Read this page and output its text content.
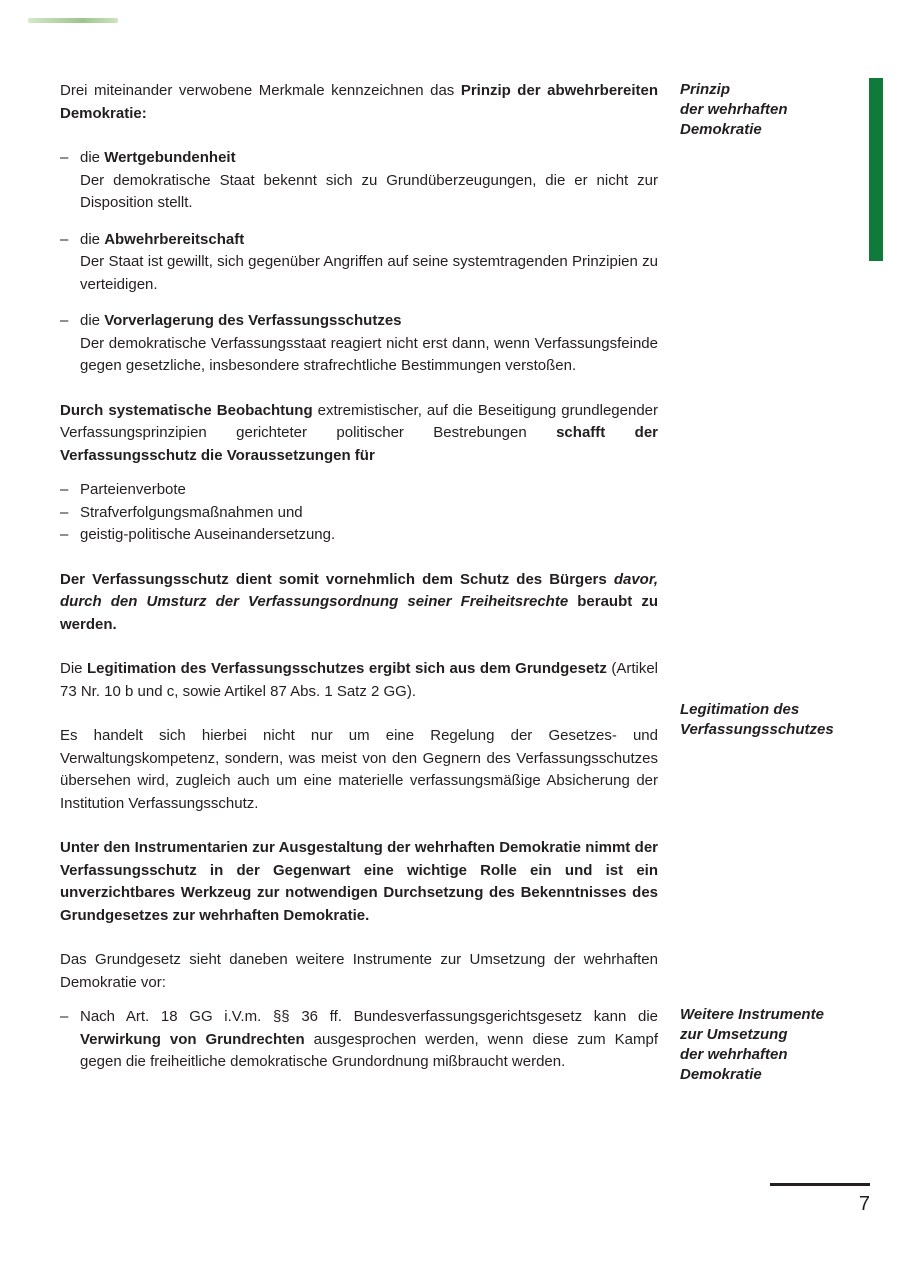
Drei miteinander verwobene Merkmale kennzeichnen das Prinzip der abwehrbereiten Demokratie:

– die Wertgebundenheit
Der demokratische Staat bekennt sich zu Grundüberzeugungen, die er nicht zur Disposition stellt.
– die Abwehrbereitschaft
Der Staat ist gewillt, sich gegenüber Angriffen auf seine systemtragenden Prinzipien zu verteidigen.
– die Vorverlagerung des Verfassungsschutzes
Der demokratische Verfassungsstaat reagiert nicht erst dann, wenn Verfassungsfeinde gegen gesetzliche, insbesondere strafrechtliche Bestimmungen verstoßen.

Durch systematische Beobachtung extremistischer, auf die Beseitigung grundlegender Verfassungsprinzipien gerichteter politischer Bestrebungen schafft der Verfassungsschutz die Voraussetzungen für

– Parteienverbote
– Strafverfolgungsmaßnahmen und
– geistig-politische Auseinandersetzung.

Der Verfassungsschutz dient somit vornehmlich dem Schutz des Bürgers davor, durch den Umsturz der Verfassungsordnung seiner Freiheitsrechte beraubt zu werden.

Die Legitimation des Verfassungsschutzes ergibt sich aus dem Grundgesetz (Artikel 73 Nr. 10 b und c, sowie Artikel 87 Abs. 1 Satz 2 GG).

Es handelt sich hierbei nicht nur um eine Regelung der Gesetzes- und Verwaltungskompetenz, sondern, was meist von den Gegnern des Verfassungsschutzes übersehen wird, zugleich auch um eine materielle verfassungsmäßige Absicherung der Institution Verfassungsschutz.

Unter den Instrumentarien zur Ausgestaltung der wehrhaften Demokratie nimmt der Verfassungsschutz in der Gegenwart eine wichtige Rolle ein und ist ein unverzichtbares Werkzeug zur notwendigen Durchsetzung des Bekenntnisses des Grundgesetzes zur wehrhaften Demokratie.

Das Grundgesetz sieht daneben weitere Instrumente zur Umsetzung der wehrhaften Demokratie vor:

– Nach Art. 18 GG i.V.m. §§ 36 ff. Bundesverfassungsgerichtsgesetz kann die Verwirkung von Grundrechten ausgesprochen werden, wenn diese zum Kampf gegen die freiheitliche demokratische Grundordnung mißbraucht werden.
Prinzip
der wehrhaften
Demokratie
Legitimation des
Verfassungsschutzes
Weitere Instrumente
zur Umsetzung
der wehrhaften
Demokratie
7
